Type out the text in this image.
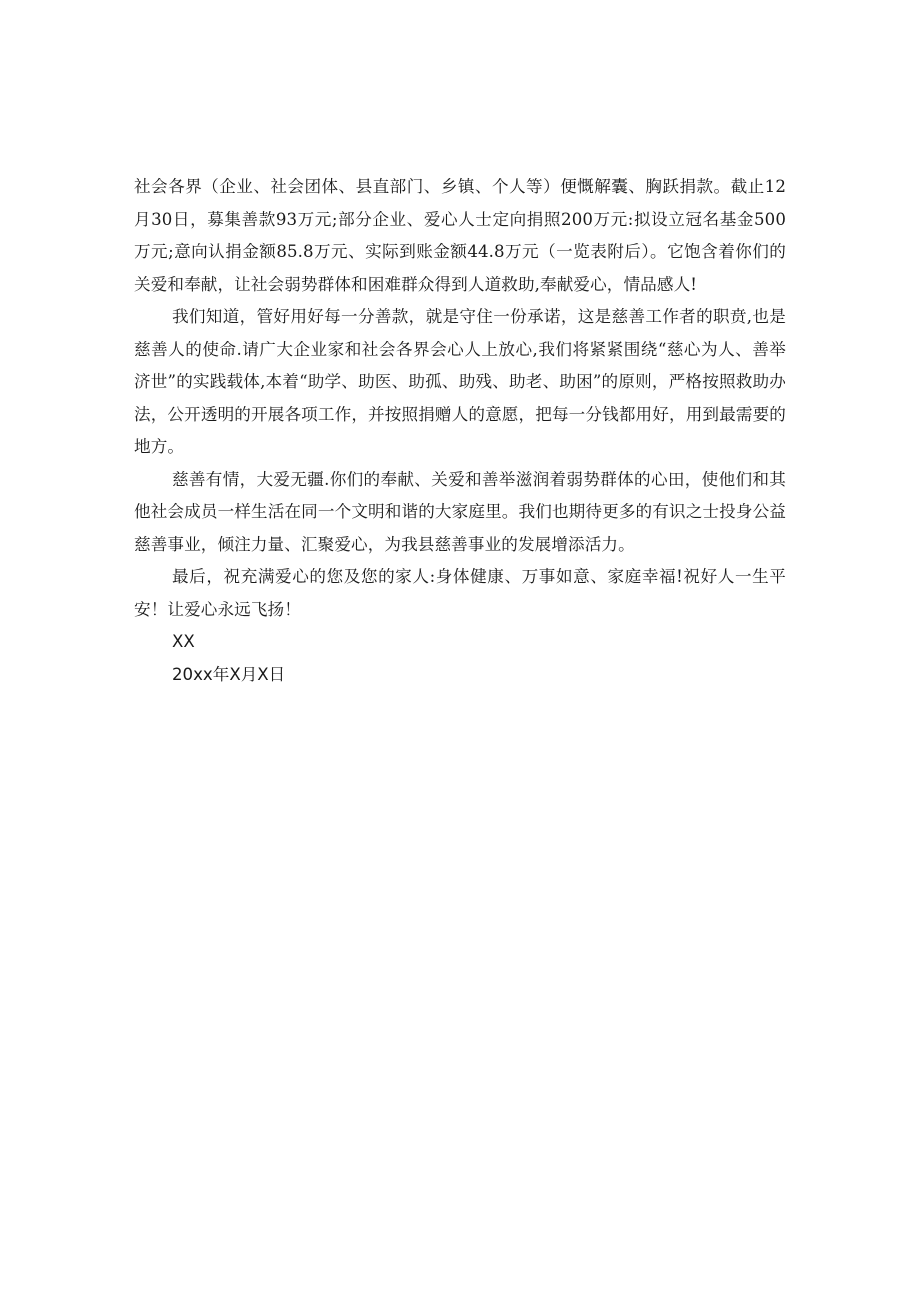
社会各界（企业、社会团体、县直部门、乡镇、个人等）便慨解囊、胸跃捐款。截止12月30日，募集善款93万元;部分企业、爱心人士定向捐照200万元:拟设立冠名基金500万元;意向认捐金额85.8万元、实际到账金额44.8万元（一览表附后）。它饱含着你们的关爱和奉献，让社会弱势群体和困难群众得到人道救助,奉献爱心，情品感人!

我们知道，管好用好每一分善款，就是守住一份承诺，这是慈善工作者的职贲,也是慈善人的使命.请广大企业家和社会各界会心人上放心,我们将紧紧围绕“慈心为人、善举济世”的实践载体,本着“助学、助医、助孤、助残、助老、助困”的原则，严格按照救助办法，公开透明的开展各项工作，并按照捐赠人的意愿，把每一分钱都用好，用到最需要的地方。

慈善有情，大爱无疆.你们的奉献、关爱和善举滋润着弱势群体的心田，使他们和其他社会成员一样生活在同一个文明和谐的大家庭里。我们也期待更多的有识之士投身公益慈善事业，倾注力量、汇聚爱心，为我县慈善事业的发展增添活力。

最后，祝充满爱心的您及您的家人:身体健康、万事如意、家庭幸福!祝好人一生平安！让爱心永远飞扬！

XX

20xx年X月X日
